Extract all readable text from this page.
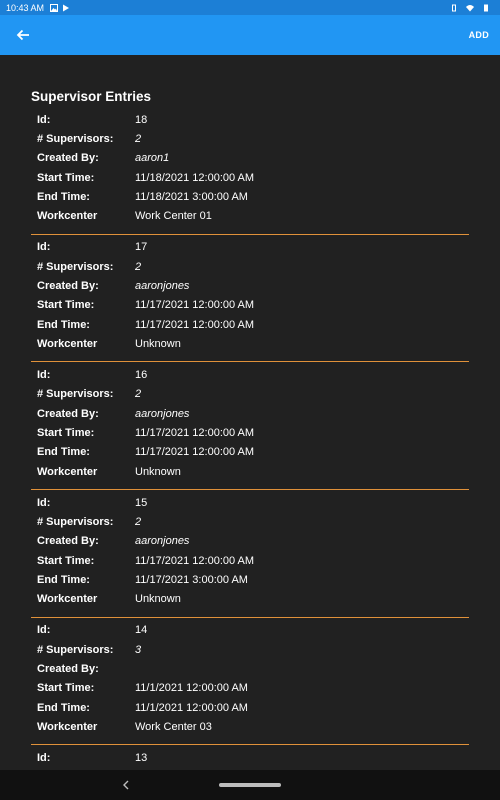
10:43 AM
ADD
Supervisor Entries
Id:	18
# Supervisors:	2
Created By:	aaron1
Start Time:	11/18/2021 12:00:00 AM
End Time:	11/18/2021 3:00:00 AM
Workcenter	Work Center 01
Id:	17
# Supervisors:	2
Created By:	aaronjones
Start Time:	11/17/2021 12:00:00 AM
End Time:	11/17/2021 12:00:00 AM
Workcenter	Unknown
Id:	16
# Supervisors:	2
Created By:	aaronjones
Start Time:	11/17/2021 12:00:00 AM
End Time:	11/17/2021 12:00:00 AM
Workcenter	Unknown
Id:	15
# Supervisors:	2
Created By:	aaronjones
Start Time:	11/17/2021 12:00:00 AM
End Time:	11/17/2021 3:00:00 AM
Workcenter	Unknown
Id:	14
# Supervisors:	3
Created By:
Start Time:	11/1/2021 12:00:00 AM
End Time:	11/1/2021 12:00:00 AM
Workcenter	Work Center 03
Id:	13
